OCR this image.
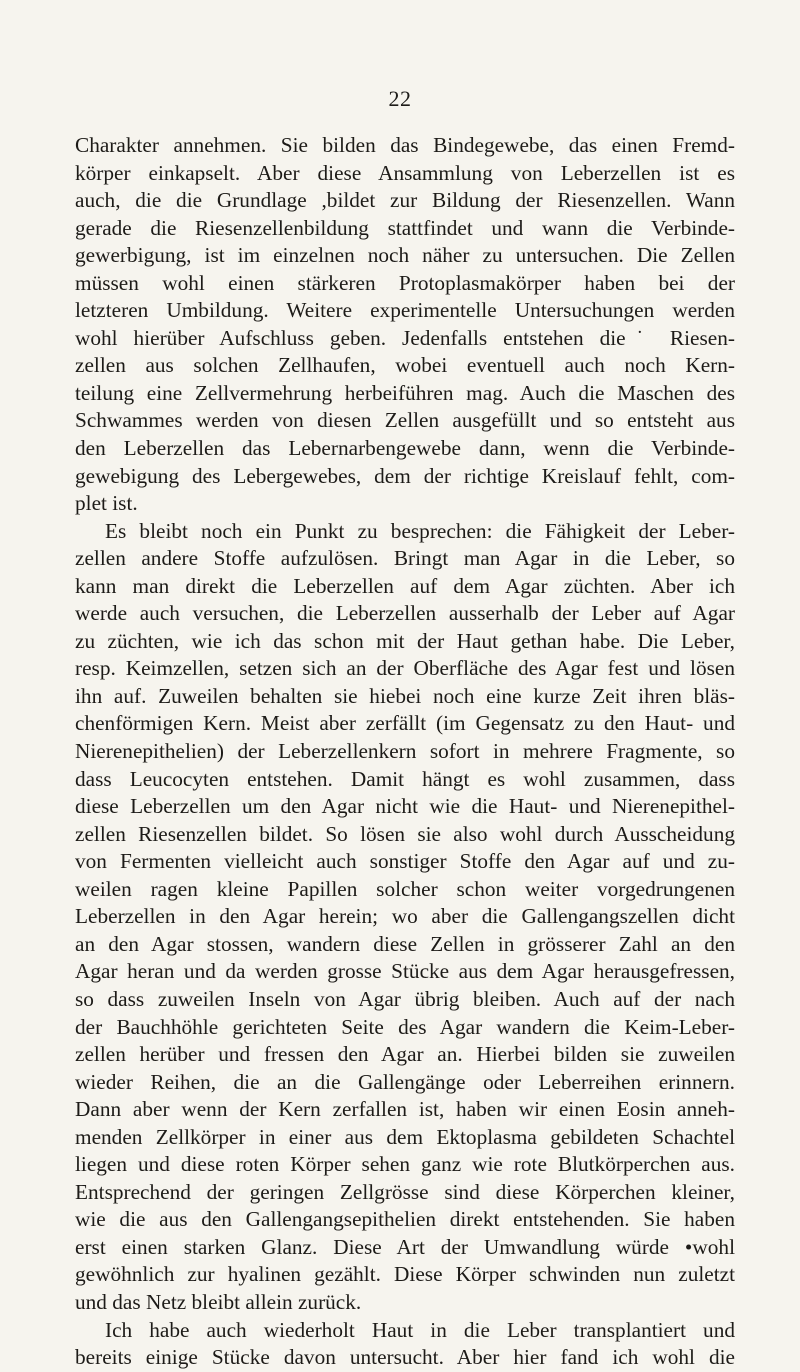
22
Charakter annehmen. Sie bilden das Bindegewebe, das einen Fremd-
körper einkapselt. Aber diese Ansammlung von Leberzellen ist es
auch, die die Grundlage ,bildet zur Bildung der Riesenzellen. Wann
gerade die Riesenzellenbildung stattfindet und wann die Verbinde-
gewerbigung, ist im einzelnen noch näher zu untersuchen. Die Zellen
müssen wohl einen stärkeren Protoplasmakörper haben bei der
letzteren Umbildung. Weitere experimentelle Untersuchungen werden
wohl hierüber Aufschluss geben. Jedenfalls entstehen die˙ Riesen-
zellen aus solchen Zellhaufen, wobei eventuell auch noch Kern-
teilung eine Zellvermehrung herbeiführen mag. Auch die Maschen des
Schwammes werden von diesen Zellen ausgefüllt und so entsteht aus
den Leberzellen das Lebernarbengewebe dann, wenn die Verbinde-
gewebigung des Lebergewebes, dem der richtige Kreislauf fehlt, com-
plet ist.
Es bleibt noch ein Punkt zu besprechen: die Fähigkeit der Leber-
zellen andere Stoffe aufzulösen. Bringt man Agar in die Leber, so
kann man direkt die Leberzellen auf dem Agar züchten. Aber ich
werde auch versuchen, die Leberzellen ausserhalb der Leber auf Agar
zu züchten, wie ich das schon mit der Haut gethan habe. Die Leber,
resp. Keimzellen, setzen sich an der Oberfläche des Agar fest und lösen
ihn auf. Zuweilen behalten sie hiebei noch eine kurze Zeit ihren bläs-
chenförmigen Kern. Meist aber zerfällt (im Gegensatz zu den Haut- und
Nierenepithelien) der Leberzellenkern sofort in mehrere Fragmente, so
dass Leucocyten entstehen. Damit hängt es wohl zusammen, dass
diese Leberzellen um den Agar nicht wie die Haut- und Nierenepithel-
zellen Riesenzellen bildet. So lösen sie also wohl durch Ausscheidung
von Fermenten vielleicht auch sonstiger Stoffe den Agar auf und zu-
weilen ragen kleine Papillen solcher schon weiter vorgedrungenen
Leberzellen in den Agar herein; wo aber die Gallengangszellen dicht
an den Agar stossen, wandern diese Zellen in grösserer Zahl an den
Agar heran und da werden grosse Stücke aus dem Agar herausgefressen,
so dass zuweilen Inseln von Agar übrig bleiben. Auch auf der nach
der Bauchhöhle gerichteten Seite des Agar wandern die Keim-Leber-
zellen herüber und fressen den Agar an. Hierbei bilden sie zuweilen
wieder Reihen, die an die Gallengänge oder Leberreihen erinnern.
Dann aber wenn der Kern zerfallen ist, haben wir einen Eosin anneh-
menden Zellkörper in einer aus dem Ektoplasma gebildeten Schachtel
liegen und diese roten Körper sehen ganz wie rote Blutkörperchen aus.
Entsprechend der geringen Zellgrösse sind diese Körperchen kleiner,
wie die aus den Gallengangsepithelien direkt entstehenden. Sie haben
erst einen starken Glanz. Diese Art der Umwandlung würde •wohl
gewöhnlich zur hyalinen gezählt. Diese Körper schwinden nun zuletzt
und das Netz bleibt allein zurück.
Ich habe auch wiederholt Haut in die Leber transplantiert und
bereits einige Stücke davon untersucht. Aber hier fand ich wohl die
